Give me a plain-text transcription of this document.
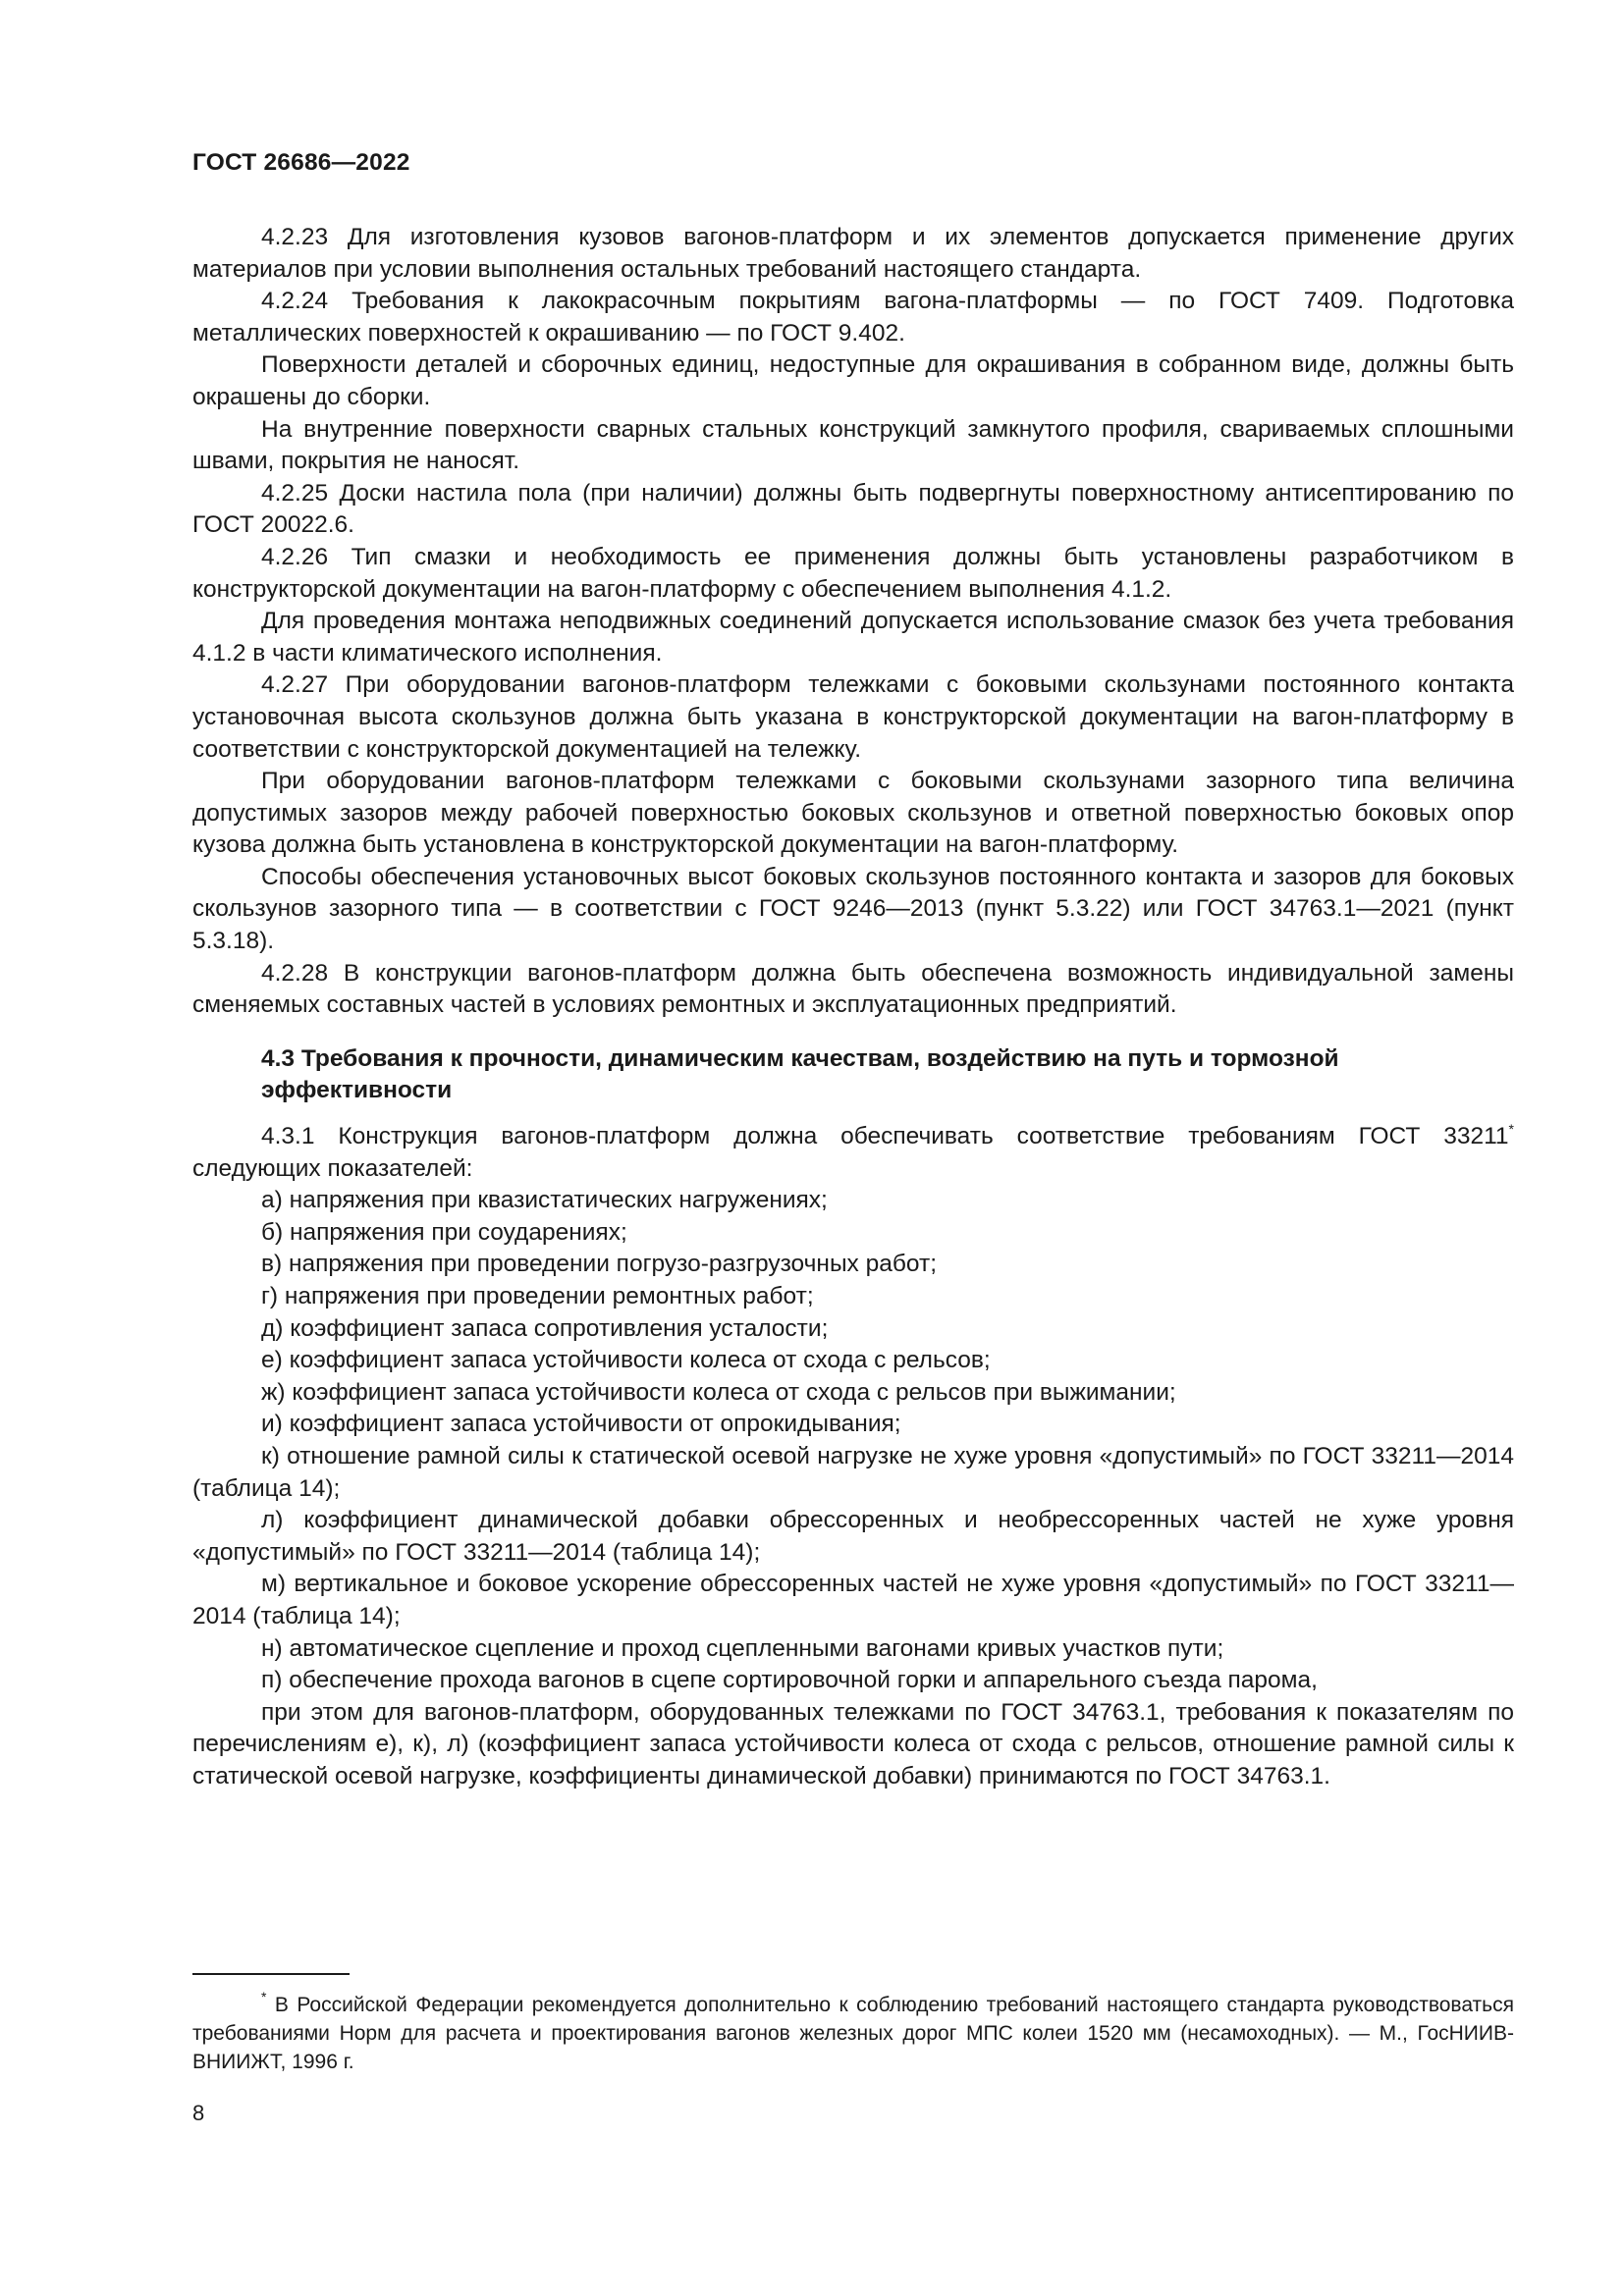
ГОСТ 26686—2022

4.2.23 Для изготовления кузовов вагонов-платформ и их элементов допускается применение других материалов при условии выполнения остальных требований настоящего стандарта.

4.2.24 Требования к лакокрасочным покрытиям вагона-платформы — по ГОСТ 7409. Подготовка металлических поверхностей к окрашиванию — по ГОСТ 9.402.

Поверхности деталей и сборочных единиц, недоступные для окрашивания в собранном виде, должны быть окрашены до сборки.

На внутренние поверхности сварных стальных конструкций замкнутого профиля, свариваемых сплошными швами, покрытия не наносят.

4.2.25 Доски настила пола (при наличии) должны быть подвергнуты поверхностному антисептированию по ГОСТ 20022.6.

4.2.26 Тип смазки и необходимость ее применения должны быть установлены разработчиком в конструкторской документации на вагон-платформу с обеспечением выполнения 4.1.2.

Для проведения монтажа неподвижных соединений допускается использование смазок без учета требования 4.1.2 в части климатического исполнения.

4.2.27 При оборудовании вагонов-платформ тележками с боковыми скользунами постоянного контакта установочная высота скользунов должна быть указана в конструкторской документации на вагон-платформу в соответствии с конструкторской документацией на тележку.

При оборудовании вагонов-платформ тележками с боковыми скользунами зазорного типа величина допустимых зазоров между рабочей поверхностью боковых скользунов и ответной поверхностью боковых опор кузова должна быть установлена в конструкторской документации на вагон-платформу.

Способы обеспечения установочных высот боковых скользунов постоянного контакта и зазоров для боковых скользунов зазорного типа — в соответствии с ГОСТ 9246—2013 (пункт 5.3.22) или ГОСТ 34763.1—2021 (пункт 5.3.18).

4.2.28 В конструкции вагонов-платформ должна быть обеспечена возможность индивидуальной замены сменяемых составных частей в условиях ремонтных и эксплуатационных предприятий.

4.3 Требования к прочности, динамическим качествам, воздействию на путь и тормозной эффективности

4.3.1 Конструкция вагонов-платформ должна обеспечивать соответствие требованиям ГОСТ 33211* следующих показателей:

а) напряжения при квазистатических нагружениях;

б) напряжения при соударениях;

в) напряжения при проведении погрузо-разгрузочных работ;

г) напряжения при проведении ремонтных работ;

д) коэффициент запаса сопротивления усталости;

е) коэффициент запаса устойчивости колеса от схода с рельсов;

ж) коэффициент запаса устойчивости колеса от схода с рельсов при выжимании;

и) коэффициент запаса устойчивости от опрокидывания;

к) отношение рамной силы к статической осевой нагрузке не хуже уровня «допустимый» по ГОСТ 33211—2014 (таблица 14);

л) коэффициент динамической добавки обрессоренных и необрессоренных частей не хуже уровня «допустимый» по ГОСТ 33211—2014 (таблица 14);

м) вертикальное и боковое ускорение обрессоренных частей не хуже уровня «допустимый» по ГОСТ 33211—2014 (таблица 14);

н) автоматическое сцепление и проход сцепленными вагонами кривых участков пути;

п) обеспечение прохода вагонов в сцепе сортировочной горки и аппарельного съезда парома,

при этом для вагонов-платформ, оборудованных тележками по ГОСТ 34763.1, требования к показателям по перечислениям е), к), л) (коэффициент запаса устойчивости колеса от схода с рельсов, отношение рамной силы к статической осевой нагрузке, коэффициенты динамической добавки) принимаются по ГОСТ 34763.1.

* В Российской Федерации рекомендуется дополнительно к соблюдению требований настоящего стандарта руководствоваться требованиями Норм для расчета и проектирования вагонов железных дорог МПС колеи 1520 мм (несамоходных). — М., ГосНИИВ-ВНИИЖТ, 1996 г.

8
